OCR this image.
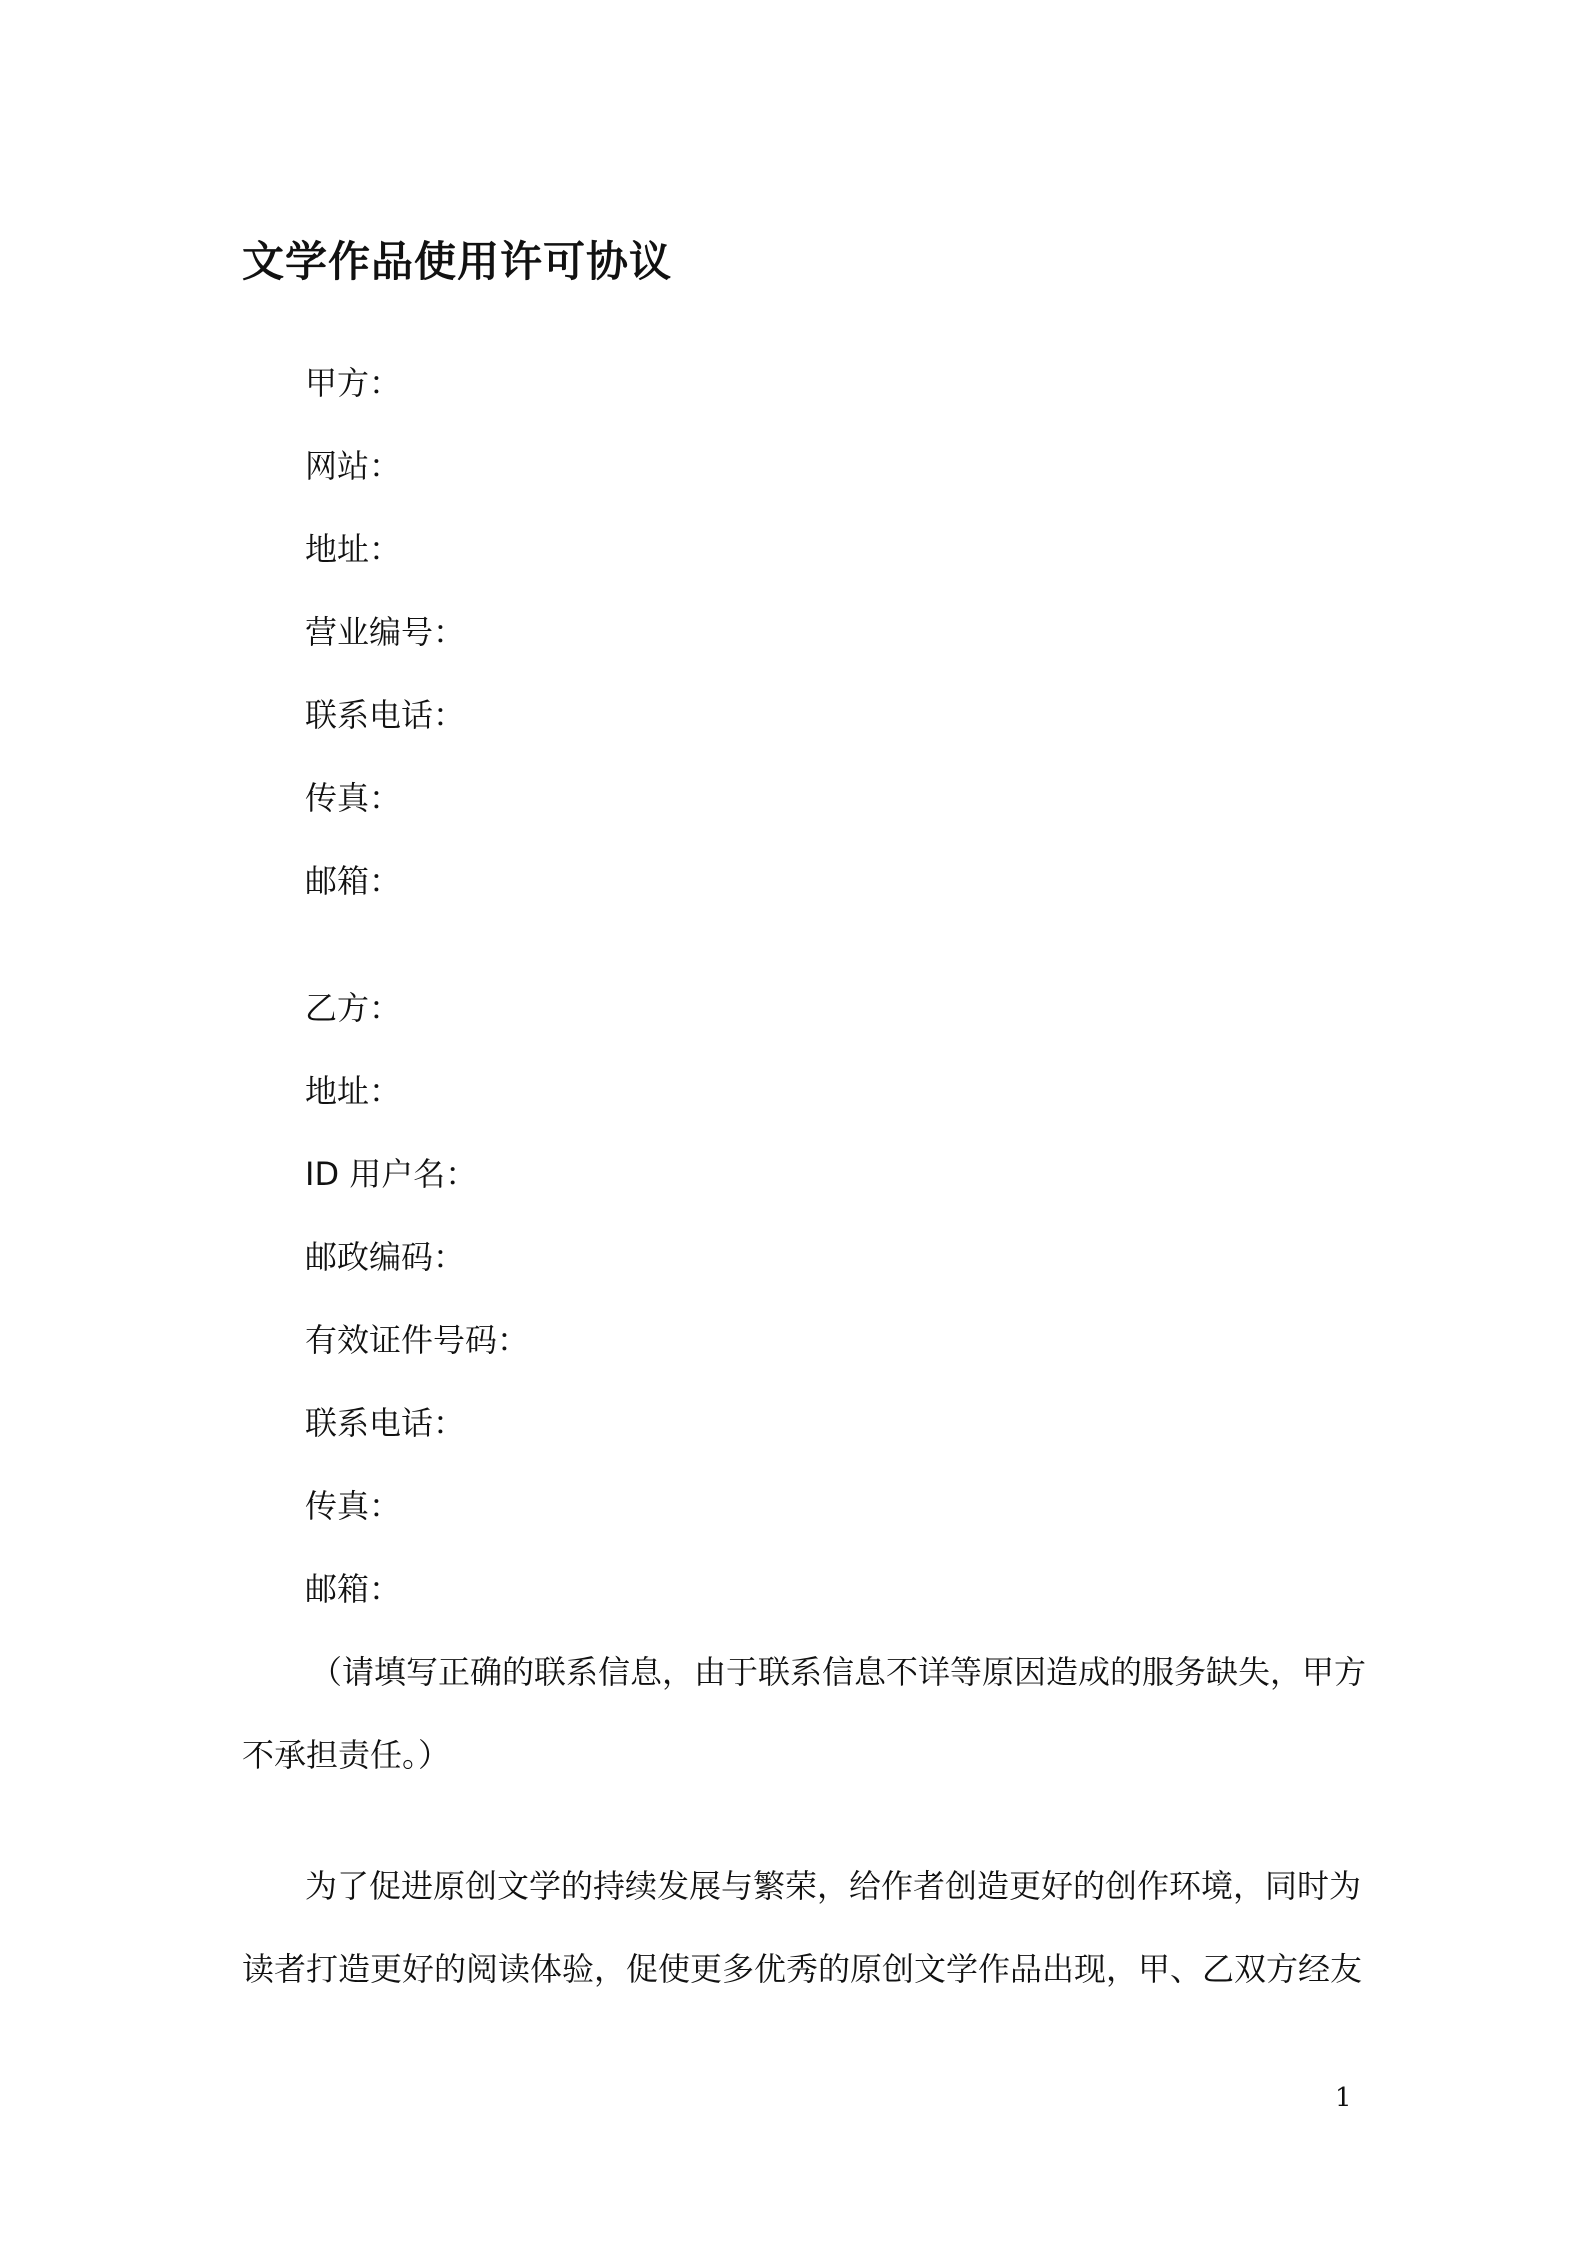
文学作品使用许可协议

甲方：

网站：

地址：

营业编号：

联系电话：

传真：

邮箱：

乙方：

地址：

ID 用户名：

邮政编码：

有效证件号码：

联系电话：

传真：

邮箱：

（请填写正确的联系信息，由于联系信息不详等原因造成的服务缺失，甲方

不承担责任。）

为了促进原创文学的持续发展与繁荣，给作者创造更好的创作环境，同时为

读者打造更好的阅读体验，促使更多优秀的原创文学作品出现，甲、乙双方经友

1
